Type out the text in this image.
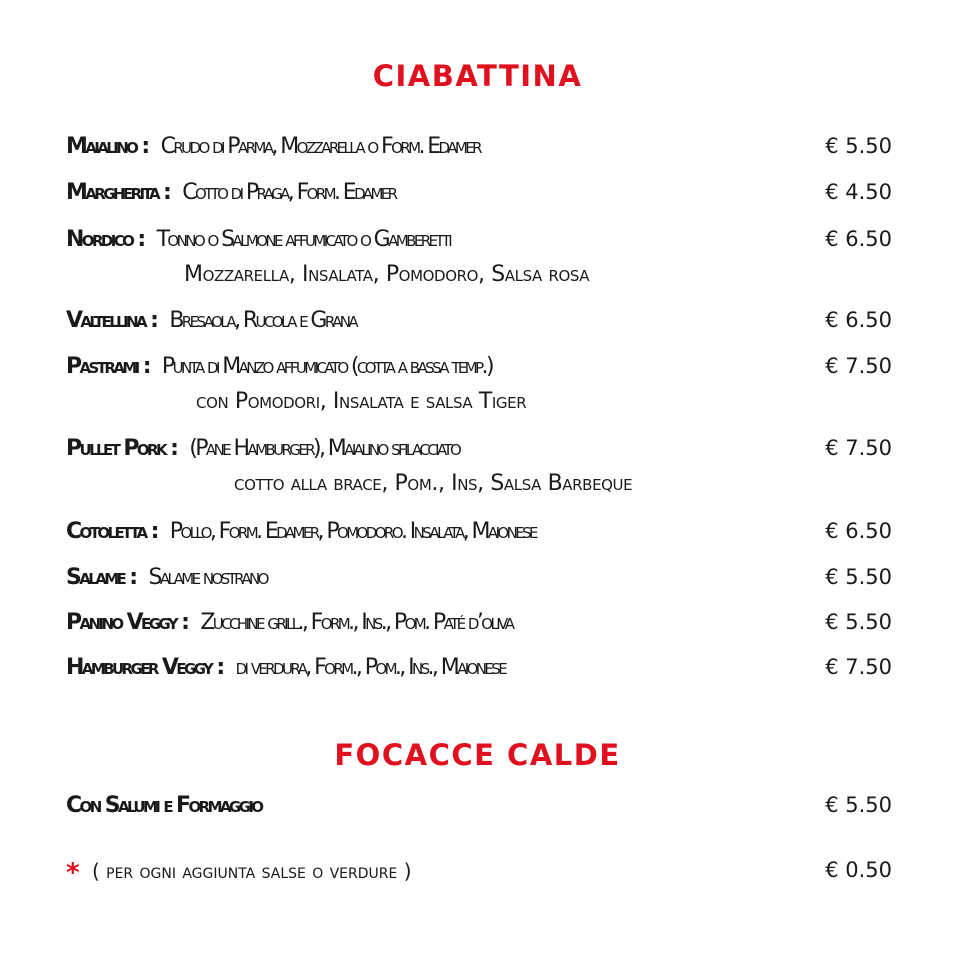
CIABATTINA
Maialino : Crudo di Parma, Mozzarella o Form. Edamer	€ 5.50
Margherita : Cotto di Praga, Form. Edamer	€ 4.50
Nordico : Tonno o Salmone affumicato o Gamberetti	€ 6.50
Mozzarella, Insalata, Pomodoro, Salsa rosa
Valtellina : Bresaola, Rucola e Grana	€ 6.50
Pastrami : Punta di Manzo affumicato (cotta a bassa temp.)	€ 7.50
con Pomodori, Insalata e salsa Tiger
Pullet Pork : (Pane Hamburger), Maialino sfilacciato	€ 7.50
cotto alla brace, Pom., Ins, Salsa Barbeque
Cotoletta : Pollo, Form. Edamer, Pomodoro. Insalata, Maionese	€ 6.50
Salame : Salame nostrano	€ 5.50
Panino Veggy : Zucchine grill., Form., Ins., Pom. Paté d’oliva	€ 5.50
Hamburger Veggy : di verdura, Form., Pom., Ins., Maionese	€ 7.50
FOCACCE CALDE
Con Salumi e Formaggio	€ 5.50
* ( per ogni aggiunta salse o verdure )	€ 0.50
